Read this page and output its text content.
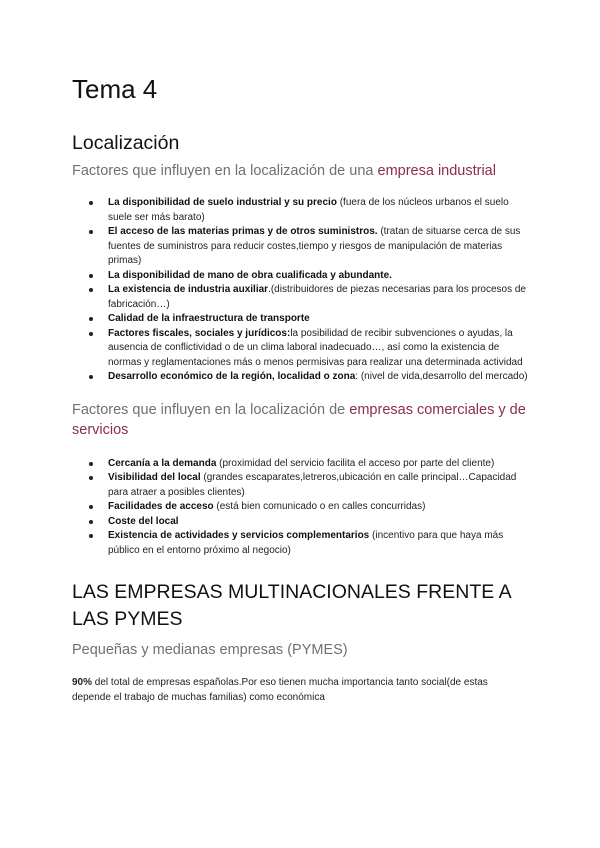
Tema 4
Localización
Factores que influyen en la localización de una empresa industrial
La disponibilidad de suelo industrial y su precio (fuera de los núcleos urbanos el suelo suele ser más barato)
El acceso de las materias primas y de otros suministros. (tratan de situarse cerca de sus fuentes de suministros para reducir costes,tiempo y riesgos de manipulación de materias primas)
La disponibilidad de mano de obra cualificada y abundante.
La existencia de industria auxiliar.(distribuidores de piezas necesarias para los procesos de fabricación…)
Calidad de la infraestructura de transporte
Factores fiscales, sociales y jurídicos:la posibilidad de recibir subvenciones o ayudas, la ausencia de conflictividad o de un clima laboral inadecuado…, así como la existencia de normas y reglamentaciones más o menos permisivas para realizar una determinada actividad
Desarrollo económico de la región, localidad o zona: (nivel de vida,desarrollo del mercado)
Factores que influyen en la localización de empresas comerciales y de servicios
Cercanía a la demanda (proximidad del servicio facilita el acceso por parte del cliente)
Visibilidad del local (grandes escaparates,letreros,ubicación en calle principal…Capacidad para atraer a posibles clientes)
Facilidades de acceso (está bien comunicado o en calles concurridas)
Coste del local
Existencia de actividades y servicios complementarios (incentivo para que haya más público en el entorno próximo al negocio)
LAS EMPRESAS MULTINACIONALES FRENTE A LAS PYMES
Pequeñas y medianas empresas (PYMES)

90% del total de empresas españolas.Por eso tienen mucha importancia tanto social(de estas depende el trabajo de muchas familias) como económica
